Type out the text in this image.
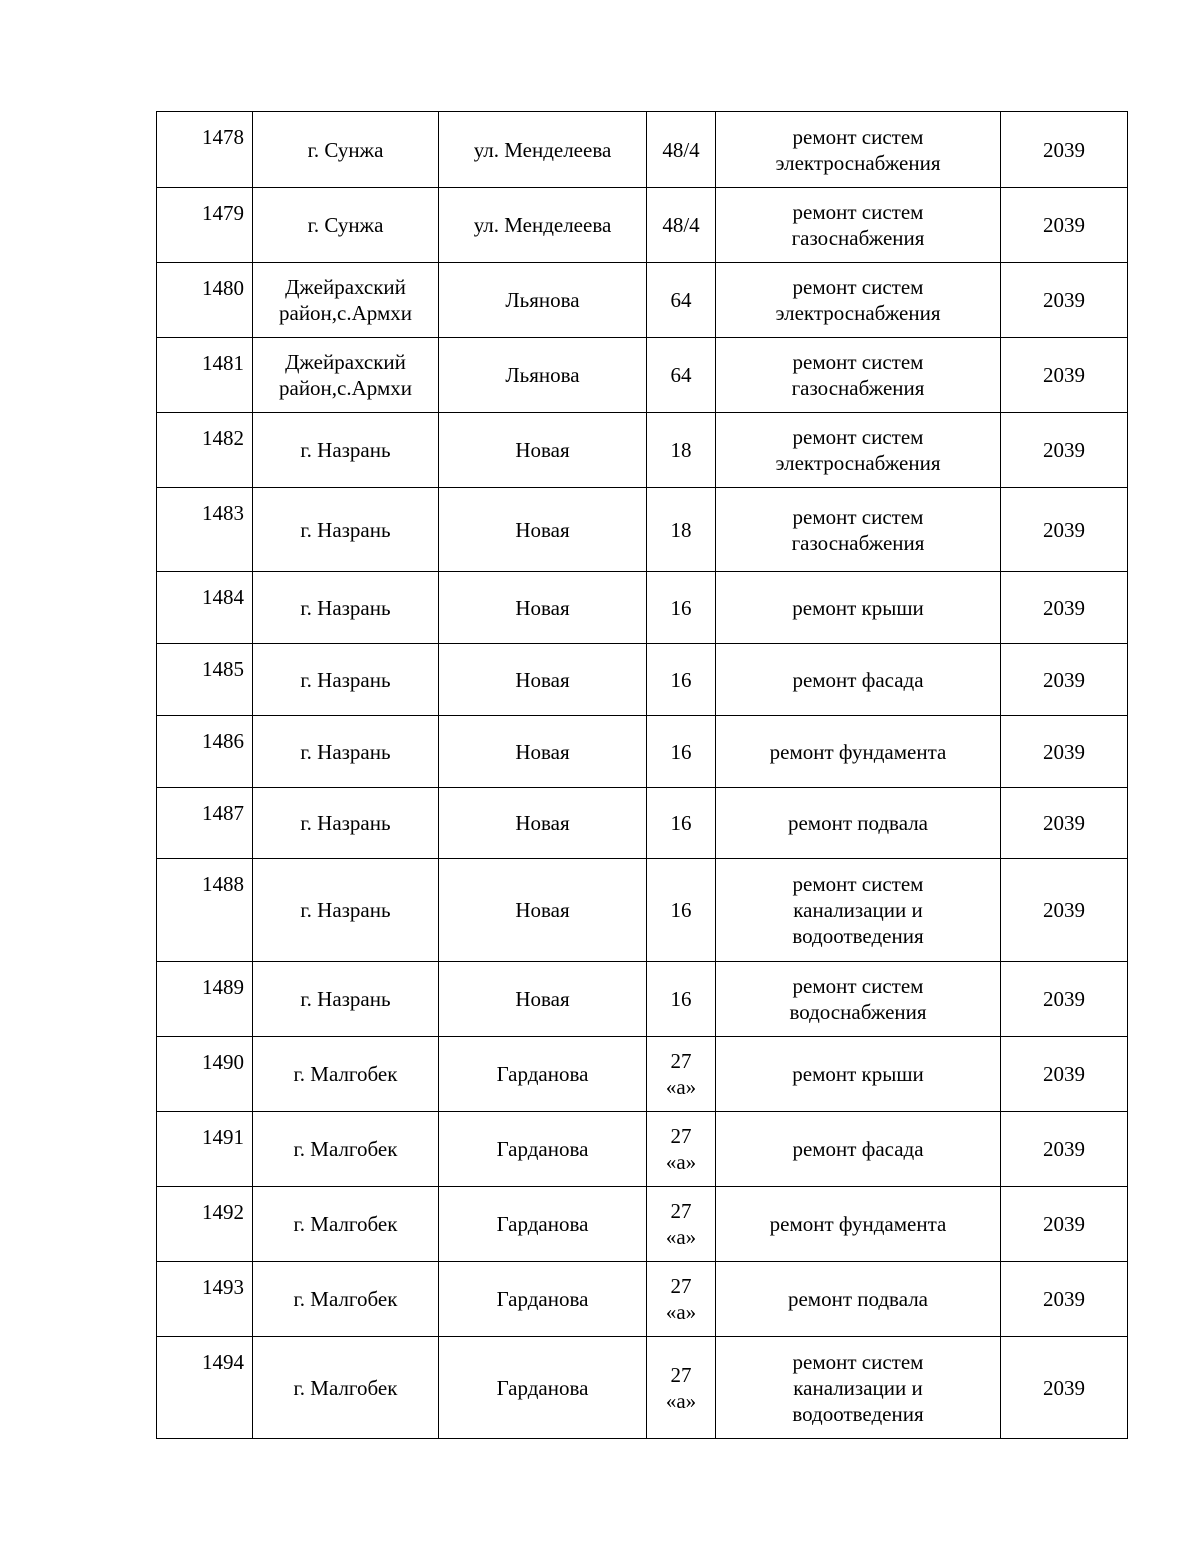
1478	г. Сунжа	ул. Менделеева	48/4	ремонт систем
электроснабжения	2039
1479	г. Сунжа	ул. Менделеева	48/4	ремонт систем
газоснабжения	2039
1480	Джейрахский
район,с.Армхи	Льянова	64	ремонт систем
электроснабжения	2039
1481	Джейрахский
район,с.Армхи	Льянова	64	ремонт систем
газоснабжения	2039
1482	г. Назрань	Новая	18	ремонт систем
электроснабжения	2039
1483	г. Назрань	Новая	18	ремонт систем
газоснабжения	2039
1484	г. Назрань	Новая	16	ремонт крыши	2039
1485	г. Назрань	Новая	16	ремонт фасада	2039
1486	г. Назрань	Новая	16	ремонт фундамента	2039
1487	г. Назрань	Новая	16	ремонт подвала	2039
1488	г. Назрань	Новая	16	ремонт систем
канализации и
водоотведения	2039
1489	г. Назрань	Новая	16	ремонт систем
водоснабжения	2039
1490	г. Малгобек	Гарданова	27
«а»	ремонт крыши	2039
1491	г. Малгобек	Гарданова	27
«а»	ремонт фасада	2039
1492	г. Малгобек	Гарданова	27
«а»	ремонт фундамента	2039
1493	г. Малгобек	Гарданова	27
«а»	ремонт подвала	2039
1494	г. Малгобек	Гарданова	27
«а»	ремонт систем
канализации и
водоотведения	2039
